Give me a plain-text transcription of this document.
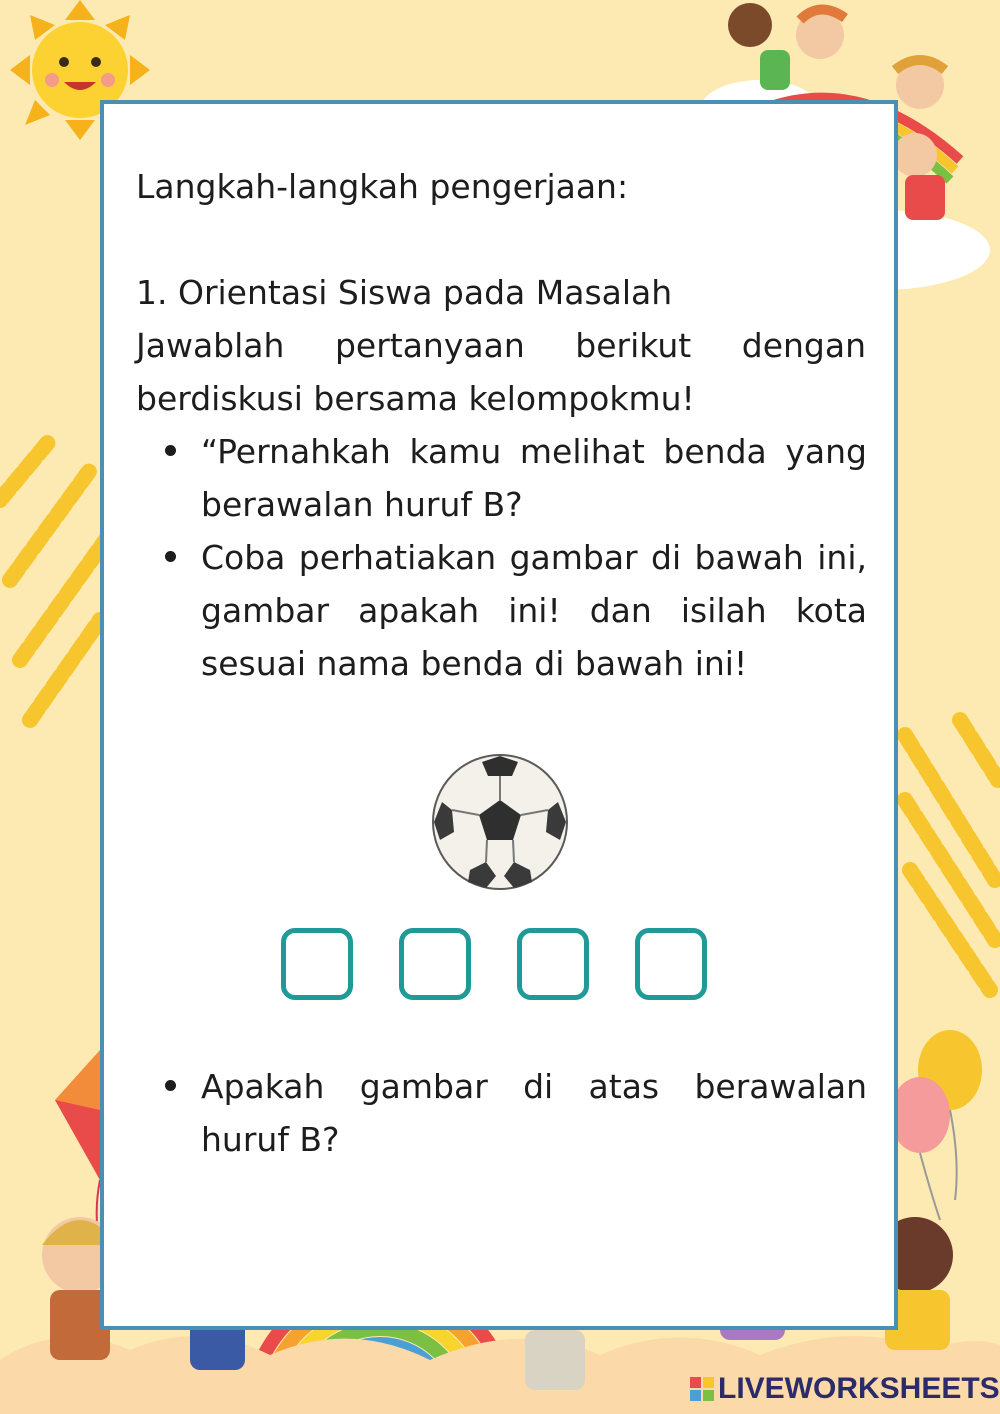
Langkah-langkah pengerjaan:
1. Orientasi Siswa pada Masalah
Jawablah pertanyaan berikut dengan
berdiskusi bersama kelompokmu!
“Pernahkah kamu melihat benda yang
berawalan huruf B?
Coba perhatiakan gambar di bawah ini,
gambar apakah ini! dan isilah kota
sesuai nama benda di bawah ini!
Apakah gambar di atas berawalan
huruf B?
LIVEWORKSHEETS
